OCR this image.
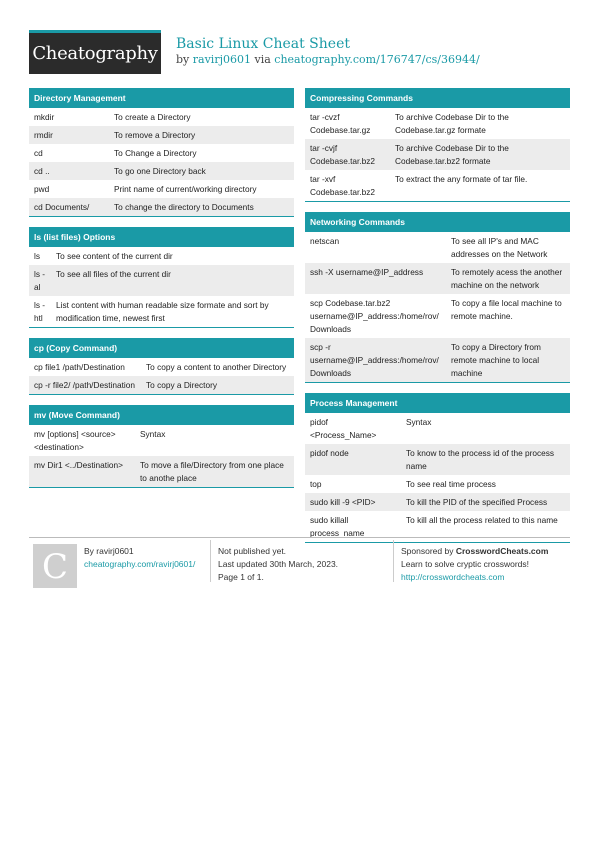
Cheatography Basic Linux Cheat Sheet
by ravirj0601 via cheatography.com/176747/cs/36944/
Directory Management
mkdir	To create a Directory
rmdir	To remove a Directory
cd	To Change a Directory
cd ..	To go one Directory back
pwd	Print name of current/working directory
cd Documents/	To change the directory to Documents
ls (list files) Options
ls	To see content of the current dir
ls -al	To see all files of the current dir
ls -htl	List content with human readable size formate and sort by modification time, newest first
cp (Copy Command)
cp file1 /path/Destination	To copy a content to another Directory
cp -r file2/ /path/Destination	To copy a Directory
mv (Move Command)
mv [options] <source> <destination>	Syntax
mv Dir1 <../Destination>	To move a file/Directory from one place to anothe place
Compressing Commands
tar -cvzf Codebase.tar.gz	To archive Codebase Dir to the Codebase.tar.gz formate
tar -cvjf Codebase.tar.bz2	To archive Codebase Dir to the Codebase.tar.bz2 formate
tar -xvf Codebase.tar.bz2	To extract the any formate of tar file.
Networking Commands
netscan	To see all IP's and MAC addresses on the Network
ssh -X username@IP_address	To remotely acess the another machine on the network
scp Codebase.tar.bz2 username@IP_address:/home/rov/Downloads	To copy a file local machine to remote machine.
scp -r username@IP_address:/home/rov/Downloads	To copy a Directory from remote machine to local machine
Process Management
pidof <Process_Name>	Syntax
pidof node	To know to the process id of the process name
top	To see real time process
sudo kill -9 <PID>	To kill the PID of the specified Process
sudo killall process_name	To kill all the process related to this name
C	By ravirj0601
cheatography.com/ravirj0601/
Not published yet.
Last updated 30th March, 2023.
Page 1 of 1.
Sponsored by CrosswordCheats.com
Learn to solve cryptic crosswords!
http://crosswordcheats.com
